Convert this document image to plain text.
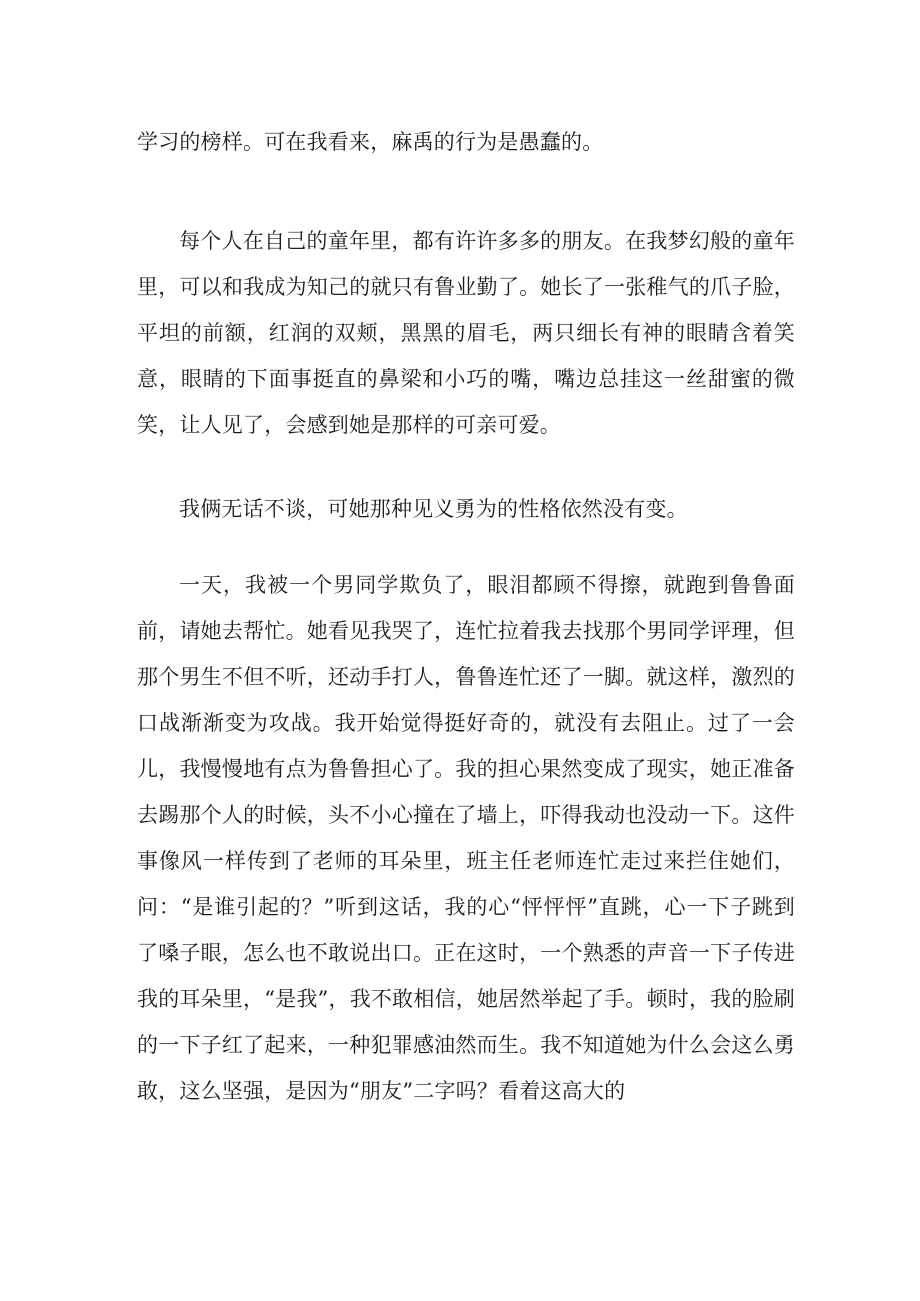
学习的榜样。可在我看来，麻禹的行为是愚蠢的。

每个人在自己的童年里，都有许许多多的朋友。在我梦幻般的童年里，可以和我成为知己的就只有鲁业勤了。她长了一张稚气的爪子脸，平坦的前额，红润的双颊，黑黑的眉毛，两只细长有神的眼睛含着笑意，眼睛的下面事挺直的鼻梁和小巧的嘴，嘴边总挂这一丝甜蜜的微笑，让人见了，会感到她是那样的可亲可爱。

我俩无话不谈，可她那种见义勇为的性格依然没有变。

一天，我被一个男同学欺负了，眼泪都顾不得擦，就跑到鲁鲁面前，请她去帮忙。她看见我哭了，连忙拉着我去找那个男同学评理，但那个男生不但不听，还动手打人，鲁鲁连忙还了一脚。就这样，激烈的口战渐渐变为攻战。我开始觉得挺好奇的，就没有去阻止。过了一会儿，我慢慢地有点为鲁鲁担心了。我的担心果然变成了现实，她正准备去踢那个人的时候，头不小心撞在了墙上，吓得我动也没动一下。这件事像风一样传到了老师的耳朵里，班主任老师连忙走过来拦住她们，问：“是谁引起的？”听到这话，我的心“怦怦怦”直跳，心一下子跳到了嗓子眼，怎么也不敢说出口。正在这时，一个熟悉的声音一下子传进我的耳朵里，“是我”，我不敢相信，她居然举起了手。顿时，我的脸刷的一下子红了起来，一种犯罪感油然而生。我不知道她为什么会这么勇敢，这么坚强，是因为“朋友”二字吗？看着这高大的
